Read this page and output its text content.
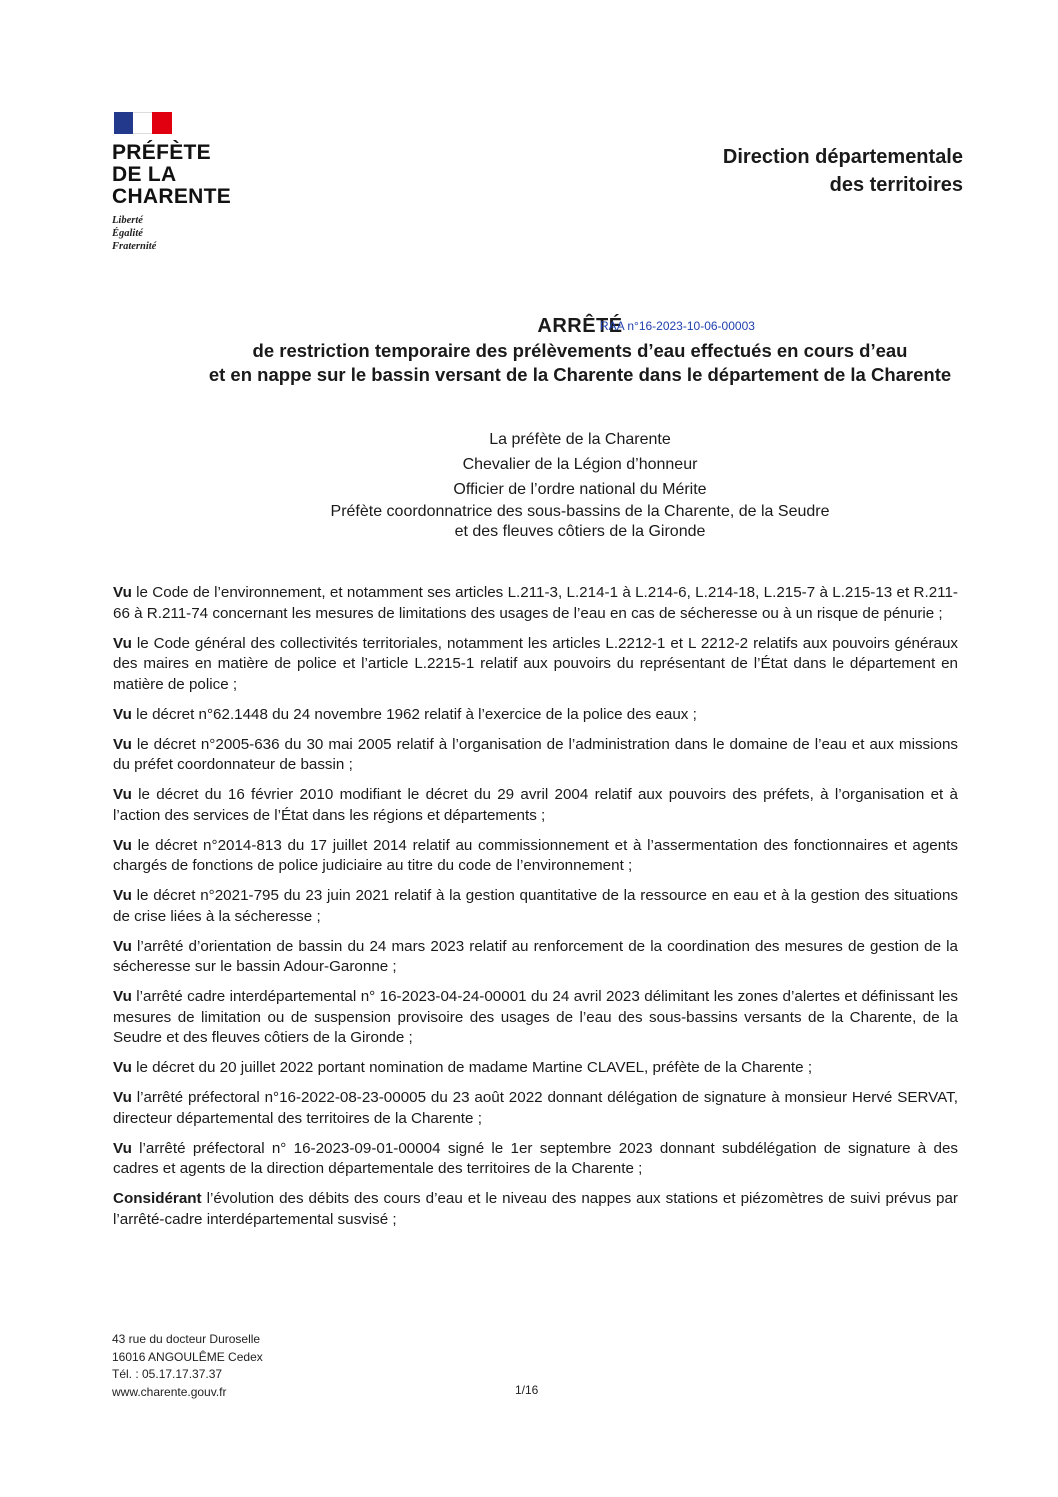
PRÉFÈTE
DE LA
CHARENTE
Liberté
Égalité
Fraternité
Direction départementale
des territoires
ARRÊTÉ
RAA n°16-2023-10-06-00003
de restriction temporaire des prélèvements d’eau effectués en cours d’eau
et en nappe sur le bassin versant de la Charente dans le département de la Charente
La préfète de la Charente
Chevalier de la Légion d’honneur
Officier de l’ordre national du Mérite
Préfète coordonnatrice des sous-bassins de la Charente, de la Seudre
et des fleuves côtiers de la Gironde

Vu le Code de l’environnement, et notamment ses articles L.211-3, L.214-1 à L.214-6, L.214-18, L.215-7 à L.215-13 et R.211-66 à R.211-74 concernant les mesures de limitations des usages de l’eau en cas de sécheresse ou à un risque de pénurie ;

Vu le Code général des collectivités territoriales, notamment les articles L.2212-1 et L 2212-2 relatifs aux pouvoirs généraux des maires en matière de police et l’article L.2215-1 relatif aux pouvoirs du représentant de l’État dans le département en matière de police ;

Vu le décret n°62.1448 du 24 novembre 1962 relatif à l’exercice de la police des eaux ;

Vu le décret n°2005-636 du 30 mai 2005 relatif à l’organisation de l’administration dans le domaine de l’eau et aux missions du préfet coordonnateur de bassin ;

Vu le décret du 16 février 2010 modifiant le décret du 29 avril 2004 relatif aux pouvoirs des préfets, à l’organisation et à l’action des services de l’État dans les régions et départements ;

Vu le décret n°2014-813 du 17 juillet 2014 relatif au commissionnement et à l’assermentation des fonctionnaires et agents chargés de fonctions de police judiciaire au titre du code de l’environnement ;

Vu le décret n°2021-795 du 23 juin 2021 relatif à la gestion quantitative de la ressource en eau et à la gestion des situations de crise liées à la sécheresse ;

Vu l’arrêté d’orientation de bassin du 24 mars 2023 relatif au renforcement de la coordination des mesures de gestion de la sécheresse sur le bassin Adour-Garonne ;

Vu l’arrêté cadre interdépartemental n° 16-2023-04-24-00001 du 24 avril 2023 délimitant les zones d’alertes et définissant les mesures de limitation ou de suspension provisoire des usages de l’eau des sous-bassins versants de la Charente, de la Seudre et des fleuves côtiers de la Gironde ;

Vu le décret du 20 juillet 2022 portant nomination de madame Martine CLAVEL, préfète de la Charente ;

Vu l’arrêté préfectoral n°16-2022-08-23-00005 du 23 août 2022 donnant délégation de signature à monsieur Hervé SERVAT, directeur départemental des territoires de la Charente ;

Vu l’arrêté préfectoral n° 16-2023-09-01-00004 signé le 1er septembre 2023 donnant subdélégation de signature à des cadres et agents de la direction départementale des territoires de la Charente ;

Considérant l’évolution des débits des cours d’eau et le niveau des nappes aux stations et piézomètres de suivi prévus par l’arrêté-cadre interdépartemental susvisé ;

43 rue du docteur Duroselle
16016 ANGOULÊME Cedex
Tél. : 05.17.17.37.37
www.charente.gouv.fr	1/16
